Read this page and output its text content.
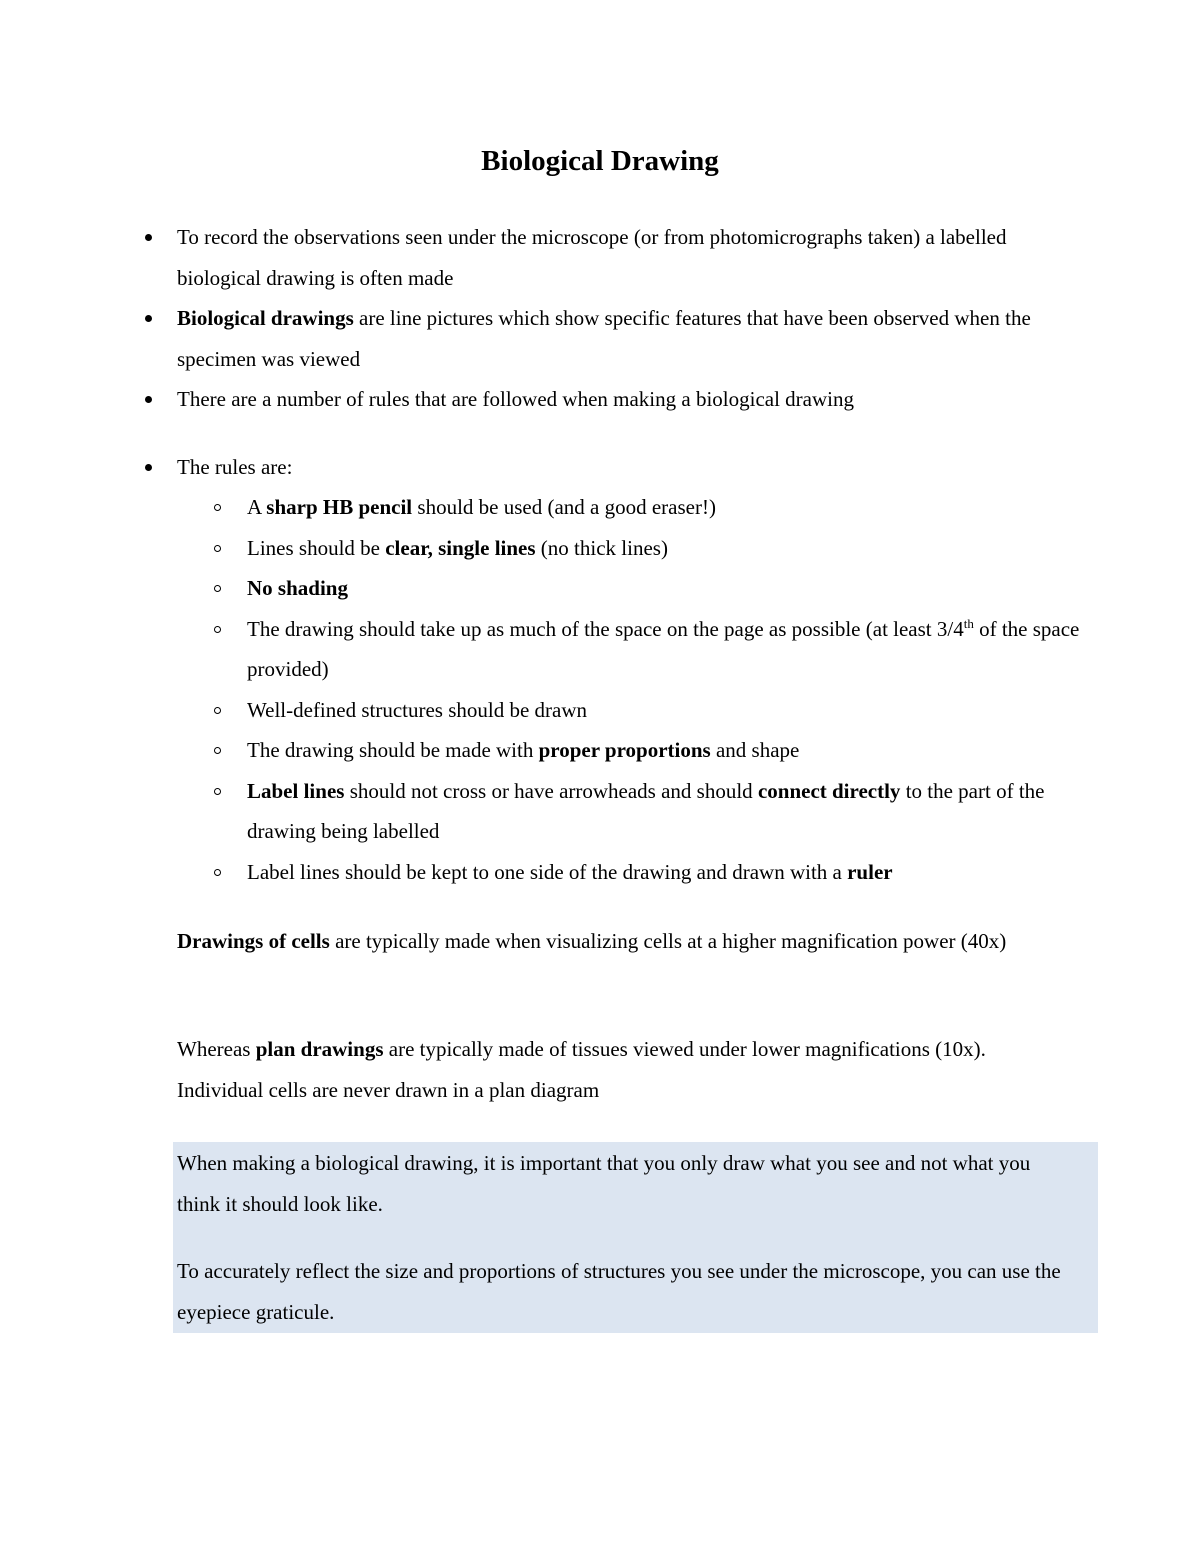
Biological Drawing
To record the observations seen under the microscope (or from photomicrographs taken) a labelled biological drawing is often made
Biological drawings are line pictures which show specific features that have been observed when the specimen was viewed
There are a number of rules that are followed when making a biological drawing
The rules are:
A sharp HB pencil should be used (and a good eraser!)
Lines should be clear, single lines (no thick lines)
No shading
The drawing should take up as much of the space on the page as possible (at least 3/4th of the space provided)
Well-defined structures should be drawn
The drawing should be made with proper proportions and shape
Label lines should not cross or have arrowheads and should connect directly to the part of the drawing being labelled
Label lines should be kept to one side of the drawing and drawn with a ruler

Drawings of cells are typically made when visualizing cells at a higher magnification power (40x)

Whereas plan drawings are typically made of tissues viewed under lower magnifications (10x). Individual cells are never drawn in a plan diagram

When making a biological drawing, it is important that you only draw what you see and not what you think it should look like.

To accurately reflect the size and proportions of structures you see under the microscope, you can use the eyepiece graticule.
